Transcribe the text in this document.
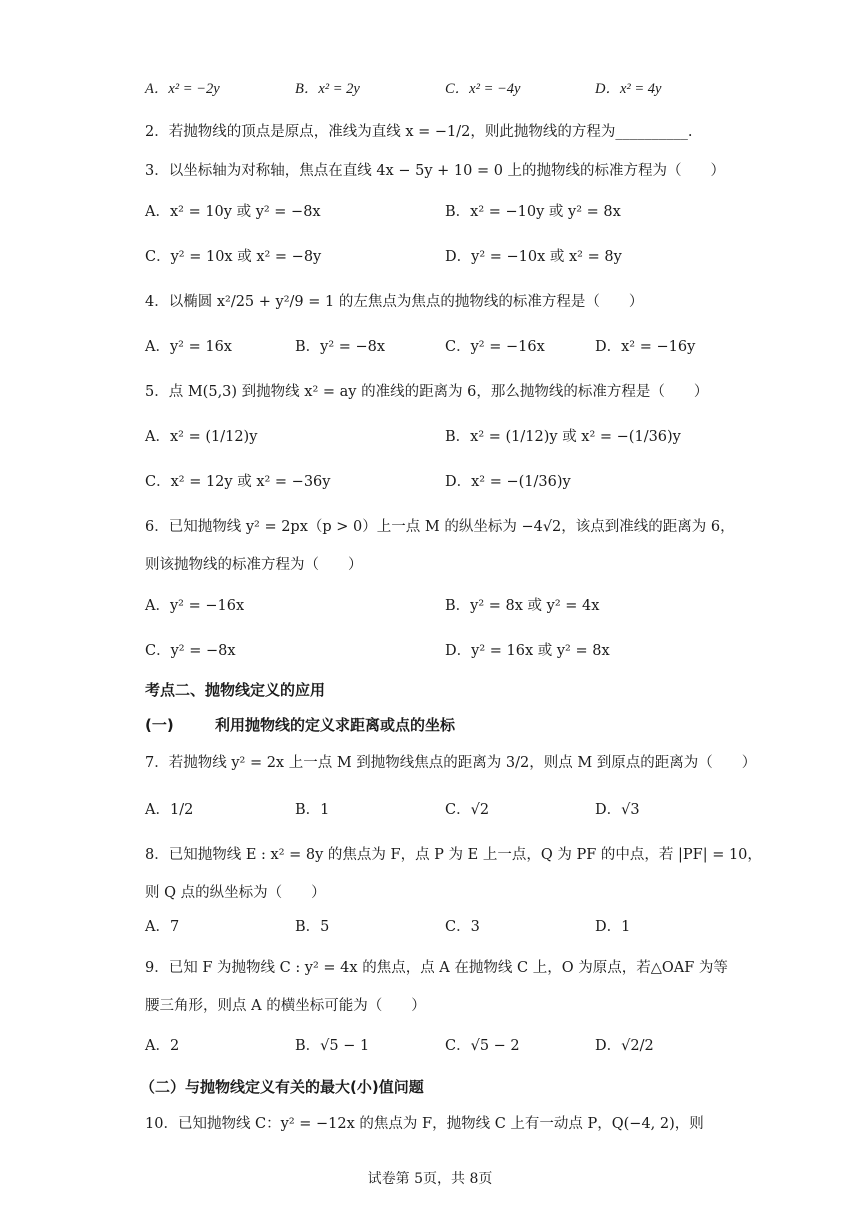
A．x² = −2y	B．x² = 2y	C．x² = −4y	D．x² = 4y
2．若抛物线的顶点是原点，准线为直线 x = −1/2，则此抛物线的方程为__________.
3．以坐标轴为对称轴，焦点在直线 4x − 5y + 10 = 0 上的抛物线的标准方程为（　　）
A．x² = 10y 或 y² = −8x	B．x² = −10y 或 y² = 8x
C．y² = 10x 或 x² = −8y	D．y² = −10x 或 x² = 8y
4．以椭圆 x²/25 + y²/9 = 1 的左焦点为焦点的抛物线的标准方程是（　　）
A．y² = 16x	B．y² = −8x	C．y² = −16x	D．x² = −16y
5．点 M(5,3) 到抛物线 x² = ay 的准线的距离为 6，那么抛物线的标准方程是（　　）
A．x² = (1/12)y	B．x² = (1/12)y 或 x² = −(1/36)y
C．x² = 12y 或 x² = −36y	D．x² = −(1/36)y
6．已知抛物线 y² = 2px（p > 0）上一点 M 的纵坐标为 −4√2，该点到准线的距离为 6，
则该抛物线的标准方程为（　　）
A．y² = −16x	B．y² = 8x 或 y² = 4x
C．y² = −8x	D．y² = 16x 或 y² = 8x
考点二、抛物线定义的应用
(一)	利用抛物线的定义求距离或点的坐标
7．若抛物线 y² = 2x 上一点 M 到抛物线焦点的距离为 3/2，则点 M 到原点的距离为（　　）
A．1/2	B．1	C．√2	D．√3
8．已知抛物线 E : x² = 8y 的焦点为 F，点 P 为 E 上一点，Q 为 PF 的中点，若 |PF| = 10，
则 Q 点的纵坐标为（　　）
A．7	B．5	C．3	D．1
9．已知 F 为抛物线 C : y² = 4x 的焦点，点 A 在抛物线 C 上，O 为原点，若△OAF 为等
腰三角形，则点 A 的横坐标可能为（　　）
A．2	B．√5 − 1	C．√5 − 2	D．√2/2
（二）与抛物线定义有关的最大(小)值问题
10．已知抛物线 C：y² = −12x 的焦点为 F，抛物线 C 上有一动点 P，Q(−4, 2)，则
试卷第 5页，共 8页
